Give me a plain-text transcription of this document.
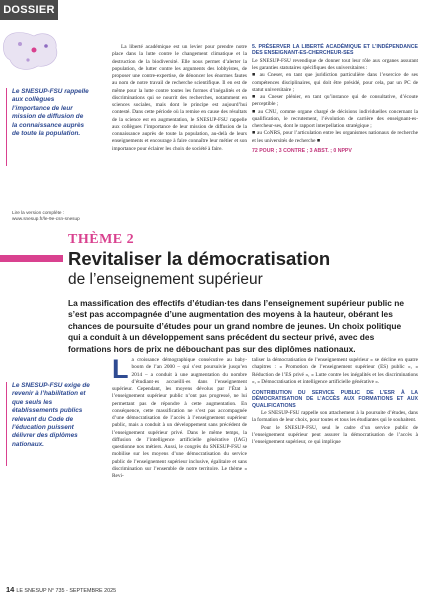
DOSSIER
Le SNESUP-FSU rappelle aux collègues l’importance de leur mission de diffusion de la connaissance auprès de toute la population.
Lire la version complète :
www.snesup.fr/le-9e-csn-snesup

La liberté académique est un levier pour prendre notre place dans la lutte contre le changement climatique et la destruction de la biodiversité. Elle nous permet d’alerter la population, de lutter contre les arguments des lobbyistes, de proposer une contre-expertise, de dénoncer les énormes fautes au nom de notre travail de recherche scientifique. Il en est de même pour la lutte contre toutes les formes d’inégalités et de discriminations qui se nourrit des recherches, notamment en sciences sociales, mais dont le principe est aujourd’hui contesté. Dans cette période où la remise en cause des résultats de la science est en augmentation, le SNESUP-FSU rappelle aux collègues l’importance de leur mission de diffusion de la connaissance auprès de toute la population, au-delà de leurs enseignements et encourage à faire connaître leur métier et son importance pour éclairer les choix de société à faire.

5. PRÉSERVER LA LIBERTÉ ACADÉMIQUE ET L’INDÉPENDANCE DES ENSEIGNANT-ES-CHERCHEUR-SES

Le SNESUP-FSU revendique de donner tout leur rôle aux organes assurant les garanties statutaires spécifiques des universitaires :

■ au Cneser, en tant que juridiction particulière dans l’exercice de ses compétences disciplinaires, qui doit être présidé, pour cela, par un PC de statut universitaire ;

■ au Cneser plénier, en tant qu’instance qui de consultative, d’écoute perceptible ;

■ au CNU, comme organe chargé de décisions individuelles concernant la qualification, le recrutement, l’évolution de carrière des enseignant-es-chercheur-ses, dont le rapport interpellation stratégique ;

■ au CoNRS, pour l’articulation entre les organismes nationaux de recherche et les universités de recherche ■

72 POUR ; 3 CONTRE ; 3 ABST. ; 0 NPPV
THÈME 2
Revitaliser la démocratisation
de l’enseignement supérieur
La massification des effectifs d’étudian·tes dans l’enseignement supérieur public ne s’est pas accompagnée d’une augmentation des moyens à la hauteur, obérant les chances de poursuite d’études pour un grand nombre de jeunes. Un choix politique qui a conduit à un développement sans précédent du secteur privé, avec des formations hors de prix ne débouchant pas sur des diplômes nationaux.
Le SNESUP-FSU exige de revenir à l’habilitation et que seuls les établissements publics relevant du Code de l’éducation puissent délivrer des diplômes nationaux.

La croissance démographique consécutive au baby-boom de l’an 2000 – qui s’est poursuivie jusqu’en 2014 – a conduit à une augmentation du nombre d’étudiant·es accueilli·es dans l’enseignement supérieur. Cependant, les moyens dévolus par l’État à l’enseignement supérieur public n’ont pas progressé, ne lui permettant pas de répondre à cette augmentation. En conséquence, cette massification ne s’est pas accompagnée d’une démocratisation de l’accès à l’enseignement supérieur public, mais a conduit à un développement sans précédent de l’enseignement supérieur privé. Dans le même temps, la diffusion de l’intelligence artificielle générative (IAG) questionne nos métiers. Aussi, le congrès du SNESUP-FSU se mobilise sur les moyens d’une démocratisation du service public de l’enseignement supérieur inclusive, égalitaire et sans discrimination sur l’ensemble de notre territoire. Le thème « Revi-

taliser la démocratisation de l’enseignement supérieur » se décline en quatre chapitres : « Promotion de l’enseignement supérieur (ES) public », « Réduction de l’ES privé », « Lutte contre les inégalités et les discriminations », « Démocratisation et intelligence artificielle générative ».

CONTRIBUTION DU SERVICE PUBLIC DE L’ESR À LA DÉMOCRATISATION DE L’ACCÈS AUX FORMATIONS ET AUX QUALIFICATIONS

Le SNESUP-FSU rappelle son attachement à la poursuite d’études, dans la formation de leur choix, pour toutes et tous les étudiantes qui le souhaitent.

Pour le SNESUP-FSU, seul le cadre d’un service public de l’enseignement supérieur peut assurer la démocratisation de l’accès à l’enseignement supérieur, ce qui implique

14 LE SNESUP N° 735 - SEPTEMBRE 2025
